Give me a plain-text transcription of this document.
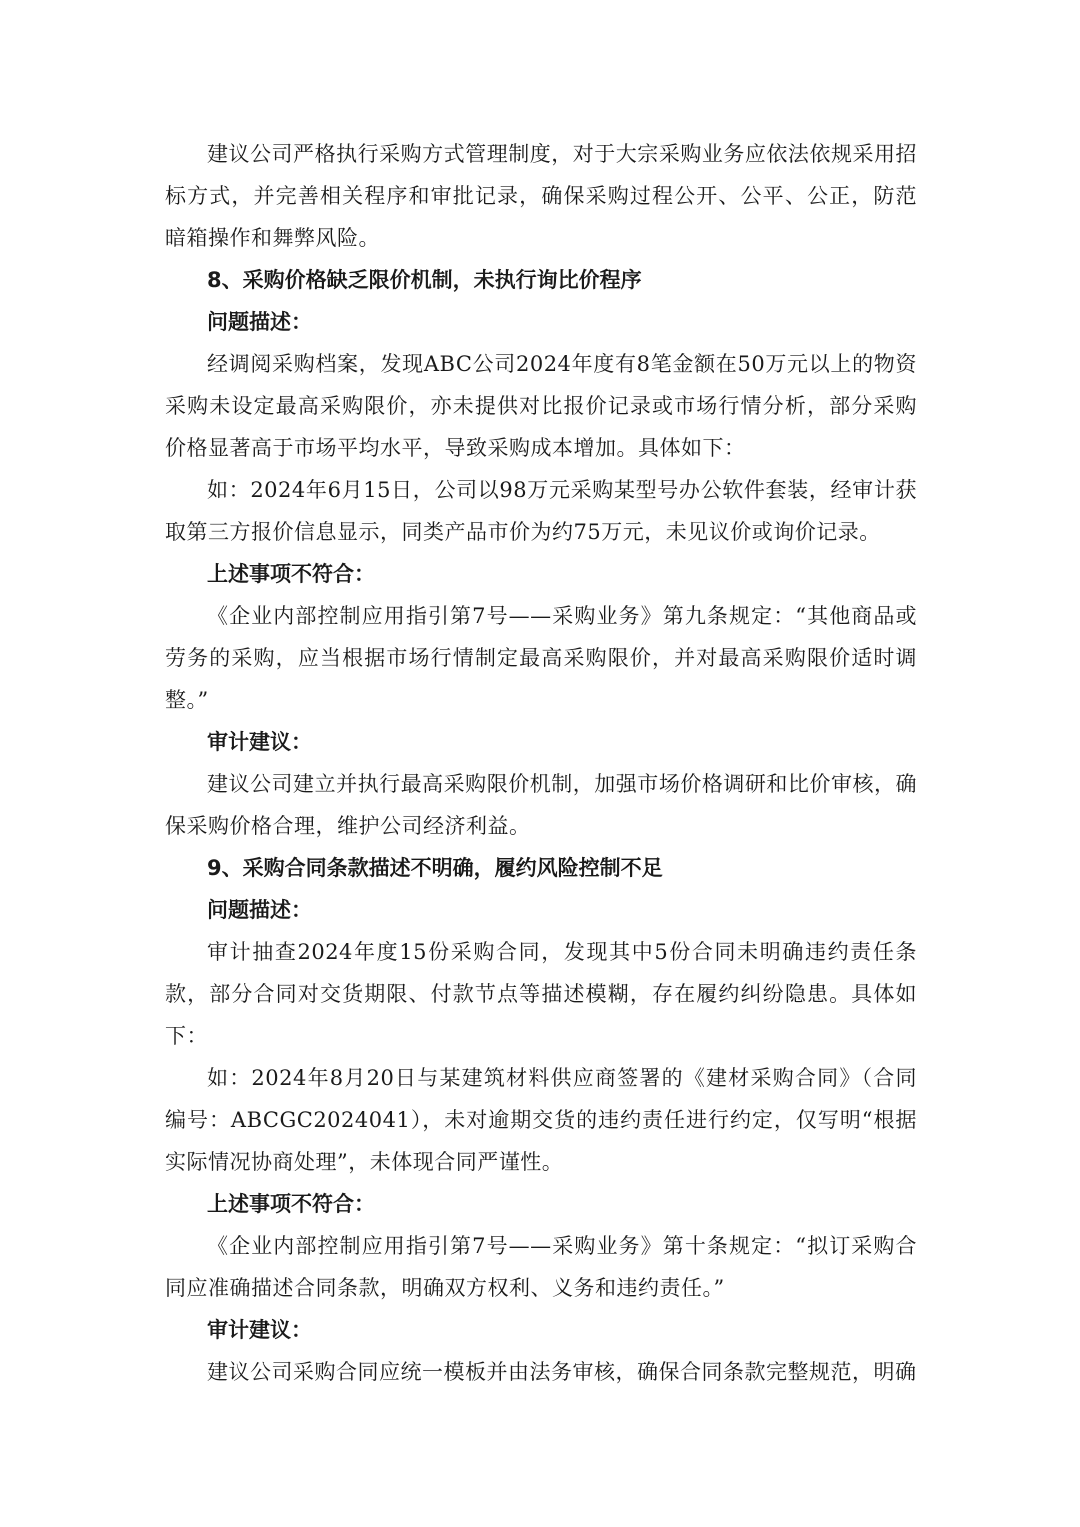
建议公司严格执行采购方式管理制度，对于大宗采购业务应依法依规采用招标方式，并完善相关程序和审批记录，确保采购过程公开、公平、公正，防范暗箱操作和舞弊风险。

8、采购价格缺乏限价机制，未执行询比价程序

问题描述：

经调阅采购档案，发现ABC公司2024年度有8笔金额在50万元以上的物资采购未设定最高采购限价，亦未提供对比报价记录或市场行情分析，部分采购价格显著高于市场平均水平，导致采购成本增加。具体如下：

如：2024年6月15日，公司以98万元采购某型号办公软件套装，经审计获取第三方报价信息显示，同类产品市价为约75万元，未见议价或询价记录。

上述事项不符合：

《企业内部控制应用指引第7号——采购业务》第九条规定：“其他商品或劳务的采购，应当根据市场行情制定最高采购限价，并对最高采购限价适时调整。”

审计建议：

建议公司建立并执行最高采购限价机制，加强市场价格调研和比价审核，确保采购价格合理，维护公司经济利益。

9、采购合同条款描述不明确，履约风险控制不足

问题描述：

审计抽查2024年度15份采购合同，发现其中5份合同未明确违约责任条款，部分合同对交货期限、付款节点等描述模糊，存在履约纠纷隐患。具体如下：

如：2024年8月20日与某建筑材料供应商签署的《建材采购合同》（合同编号：ABCGC2024041），未对逾期交货的违约责任进行约定，仅写明“根据实际情况协商处理”，未体现合同严谨性。

上述事项不符合：

《企业内部控制应用指引第7号——采购业务》第十条规定：“拟订采购合同应准确描述合同条款，明确双方权利、义务和违约责任。”

审计建议：

建议公司采购合同应统一模板并由法务审核，确保合同条款完整规范，明确
